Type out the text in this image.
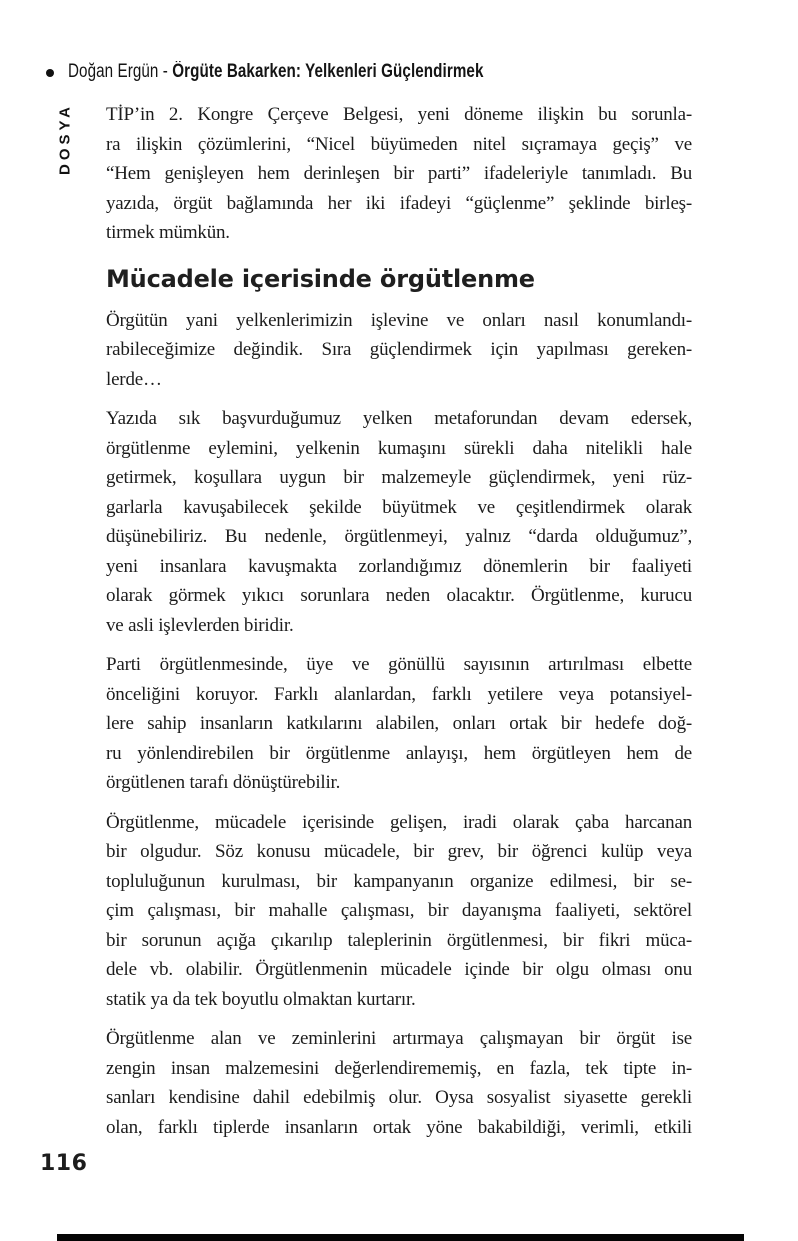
Doğan Ergün - Örgüte Bakarken: Yelkenleri Güçlendirmek
DOSYA TİP’in 2. Kongre Çerçeve Belgesi, yeni döneme ilişkin bu sorunla-
ra ilişkin çözümlerini, “Nicel büyümeden nitel sıçramaya geçiş” ve
“Hem genişleyen hem derinleşen bir parti” ifadeleriyle tanımladı. Bu
yazıda, örgüt bağlamında her iki ifadeyi “güçlenme” şeklinde birleş-
tirmek mümkün.
Mücadele içerisinde örgütlenme
Örgütün yani yelkenlerimizin işlevine ve onları nasıl konumlandı-
rabileceğimize değindik. Sıra güçlendirmek için yapılması gereken-
lerde…
Yazıda sık başvurduğumuz yelken metaforundan devam edersek,
örgütlenme eylemini, yelkenin kumaşını sürekli daha nitelikli hale
getirmek, koşullara uygun bir malzemeyle güçlendirmek, yeni rüz-
garlarla kavuşabilecek şekilde büyütmek ve çeşitlendirmek olarak
düşünebiliriz. Bu nedenle, örgütlenmeyi, yalnız “darda olduğumuz”,
yeni insanlara kavuşmakta zorlandığımız dönemlerin bir faaliyeti
olarak görmek yıkıcı sorunlara neden olacaktır. Örgütlenme, kurucu
ve asli işlevlerden biridir.
Parti örgütlenmesinde, üye ve gönüllü sayısının artırılması elbette
önceliğini koruyor. Farklı alanlardan, farklı yetilere veya potansiyel-
lere sahip insanların katkılarını alabilen, onları ortak bir hedefe doğ-
ru yönlendirebilen bir örgütlenme anlayışı, hem örgütleyen hem de
örgütlenen tarafı dönüştürebilir.
Örgütlenme, mücadele içerisinde gelişen, iradi olarak çaba harcanan
bir olgudur. Söz konusu mücadele, bir grev, bir öğrenci kulüp veya
topluluğunun kurulması, bir kampanyanın organize edilmesi, bir se-
çim çalışması, bir mahalle çalışması, bir dayanışma faaliyeti, sektörel
bir sorunun açığa çıkarılıp taleplerinin örgütlenmesi, bir fikri müca-
dele vb. olabilir. Örgütlenmenin mücadele içinde bir olgu olması onu
statik ya da tek boyutlu olmaktan kurtarır.
Örgütlenme alan ve zeminlerini artırmaya çalışmayan bir örgüt ise
zengin insan malzemesini değerlendirememiş, en fazla, tek tipte in-
sanları kendisine dahil edebilmiş olur. Oysa sosyalist siyasette gerekli
olan, farklı tiplerde insanların ortak yöne bakabildiği, verimli, etkili
116
